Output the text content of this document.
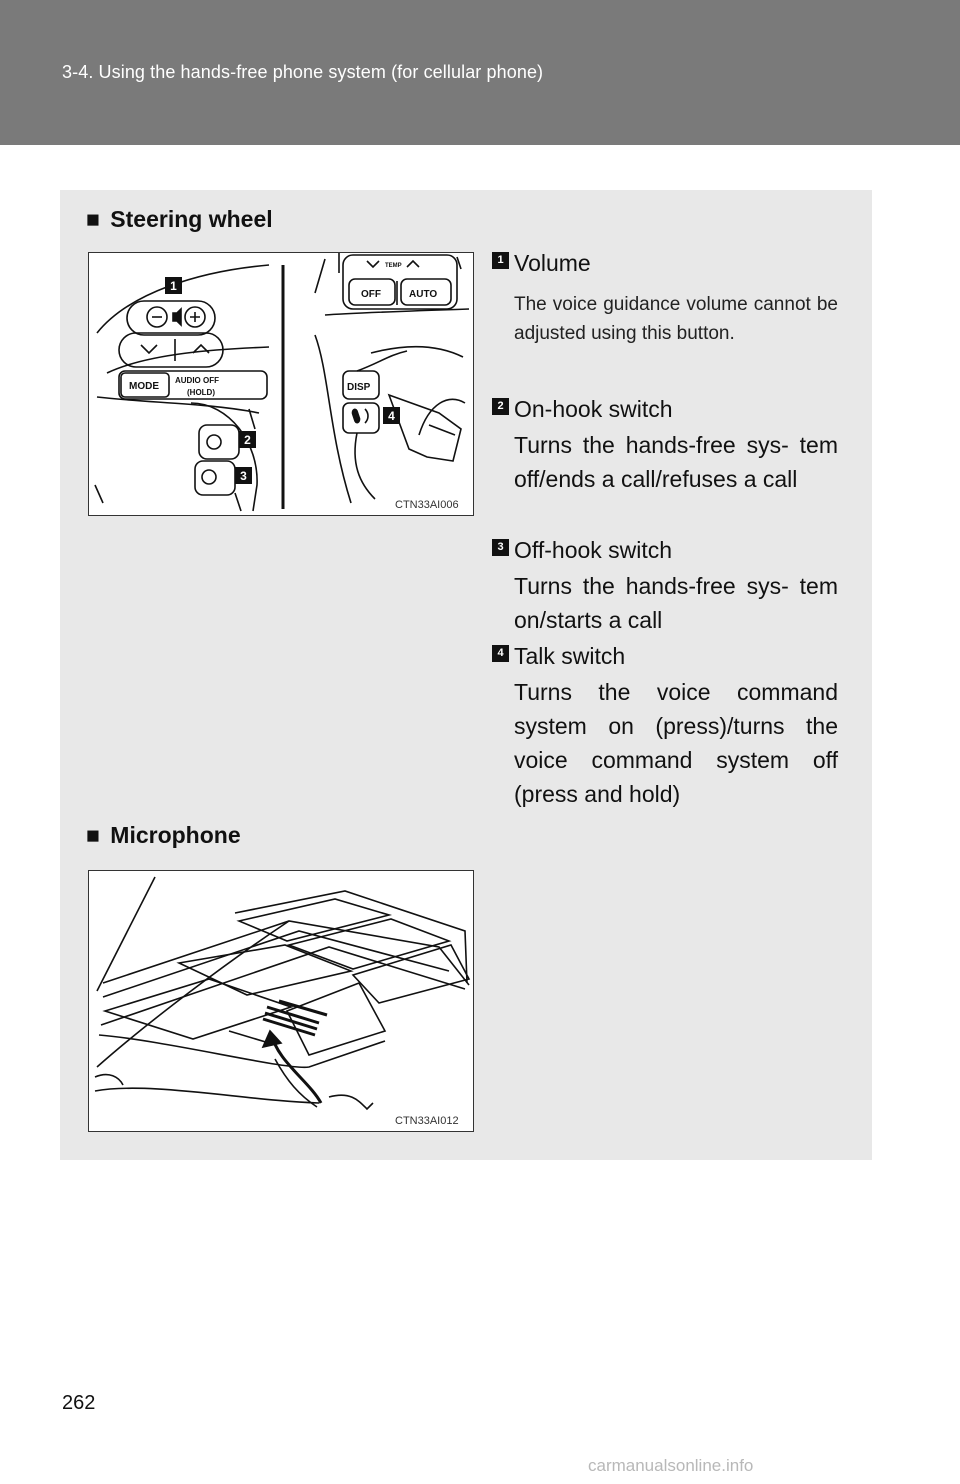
3-4. Using the hands-free phone system (for cellular phone)
■ Steering wheel
MODE
AUDIO OFF
(HOLD)
OFF	AUTO
TEMP
DISP
1
2
3
4
CTN33AI006
1 Volume
The voice guidance volume cannot be adjusted using this button.
2 On-hook switch
Turns the hands-free sys- tem off/ends a call/refuses a call
3 Off-hook switch
Turns the hands-free sys- tem on/starts a call
4 Talk switch
Turns the voice command system on (press)/turns the voice command system off (press and hold)
■ Microphone
CTN33AI012
262
carmanualsonline.info
